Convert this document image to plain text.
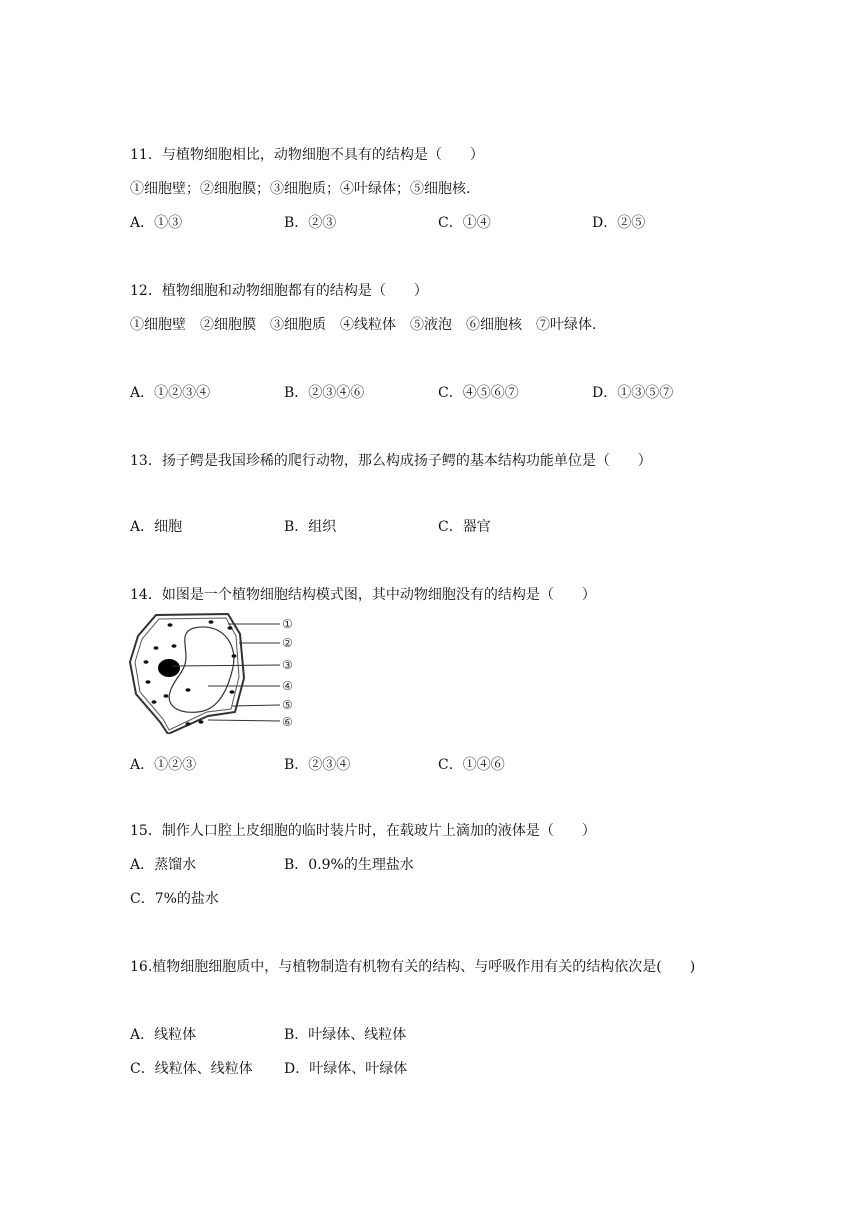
11．与植物细胞相比，动物细胞不具有的结构是（　　）
①细胞壁；②细胞膜；③细胞质；④叶绿体；⑤细胞核．
A．①③	B．②③	C．①④	D．②⑤
12．植物细胞和动物细胞都有的结构是（　　）
①细胞壁　②细胞膜　③细胞质　④线粒体　⑤液泡　⑥细胞核　⑦叶绿体．
A．①②③④	B．②③④⑥	C．④⑤⑥⑦	D．①③⑤⑦
13．扬子鳄是我国珍稀的爬行动物，那么构成扬子鳄的基本结构功能单位是（　　）
A．细胞	B．组织	C．器官
14．如图是一个植物细胞结构模式图，其中动物细胞没有的结构是（　　）
①
②
③
④
⑤
⑥
A．①②③	B．②③④	C．①④⑥
15．制作人口腔上皮细胞的临时装片时，在载玻片上滴加的液体是（　　）
A．蒸馏水	B．0.9%的生理盐水
C．7%的盐水
16.植物细胞细胞质中，与植物制造有机物有关的结构、与呼吸作用有关的结构依次是(　　)
A．线粒体	B．叶绿体、线粒体
C．线粒体、线粒体 D．叶绿体、叶绿体
